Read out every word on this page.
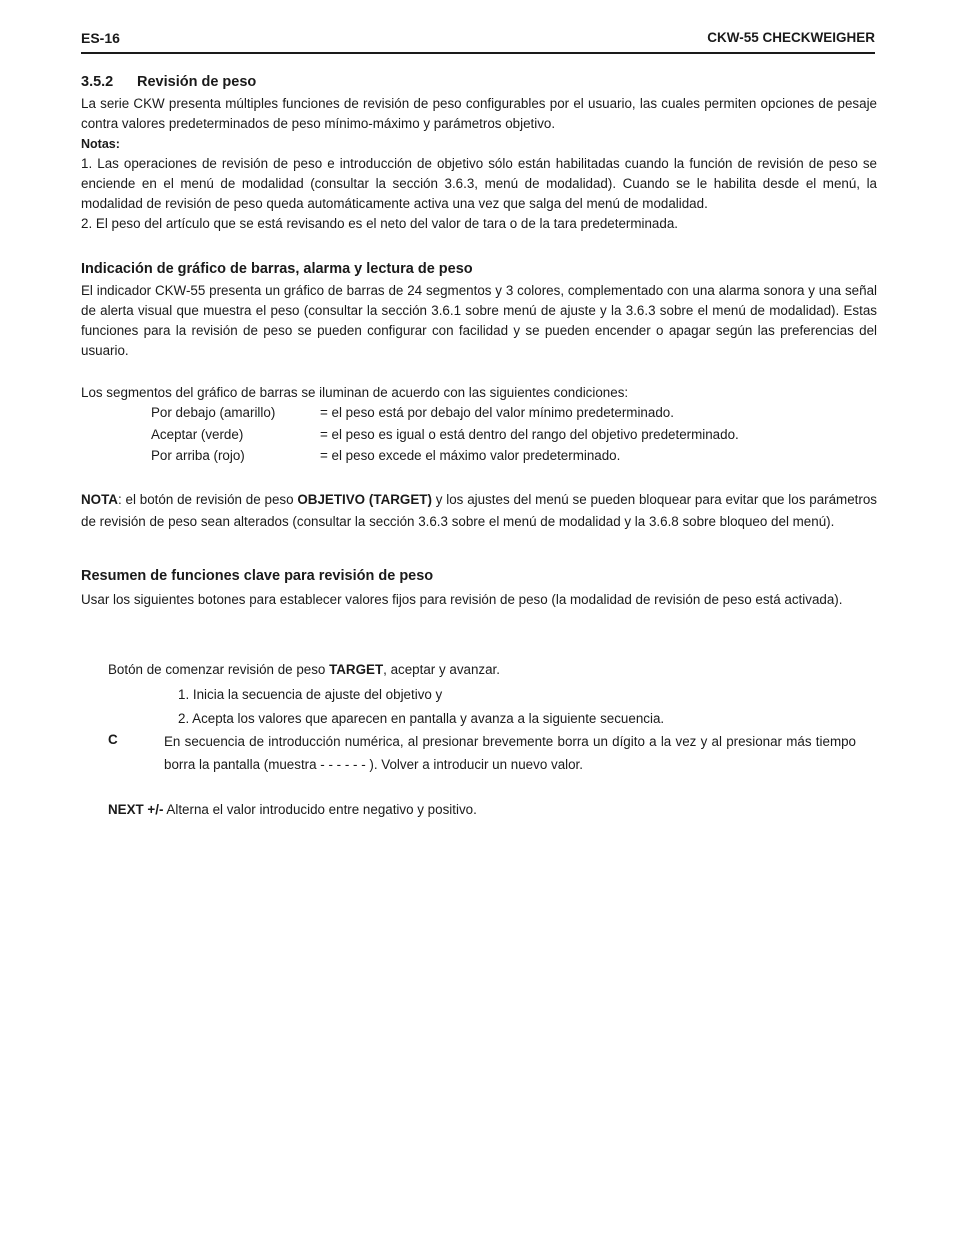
ES-16	CKW-55 CHECKWEIGHER
3.5.2 Revisión de peso

La serie CKW presenta múltiples funciones de revisión de peso configurables por el usuario, las cuales permiten opciones de pesaje contra valores predeterminados de peso mínimo-máximo y parámetros objetivo.

Notas:

1. Las operaciones de revisión de peso e introducción de objetivo sólo están habilitadas cuando la función de revisión de peso se enciende en el menú de modalidad (consultar la sección 3.6.3, menú de modalidad). Cuando se le habilita desde el menú, la modalidad de revisión de peso queda automáticamente activa una vez que salga del menú de modalidad.

2. El peso del artículo que se está revisando es el neto del valor de tara o de la tara predeterminada.

Indicación de gráfico de barras, alarma y lectura de peso

El indicador CKW-55 presenta un gráfico de barras de 24 segmentos y 3 colores, complementado con una alarma sonora y una señal de alerta visual que muestra el peso (consultar la sección 3.6.1 sobre menú de ajuste y la 3.6.3 sobre el menú de modalidad). Estas funciones para la revisión de peso se pueden configurar con facilidad y se pueden encender o apagar según las preferencias del usuario.

Los segmentos del gráfico de barras se iluminan de acuerdo con las siguientes condiciones:

Por debajo (amarillo)	= el peso está por debajo del valor mínimo predeterminado.
Aceptar (verde)	= el peso es igual o está dentro del rango del objetivo predeterminado.
Por arriba (rojo)	= el peso excede el máximo valor predeterminado.

NOTA: el botón de revisión de peso OBJETIVO (TARGET) y los ajustes del menú se pueden bloquear para evitar que los parámetros de revisión de peso sean alterados (consultar la sección 3.6.3 sobre el menú de modalidad y la 3.6.8 sobre bloqueo del menú).

Resumen de funciones clave para revisión de peso

Usar los siguientes botones para establecer valores fijos para revisión de peso (la modalidad de revisión de peso está activada).

Botón de comenzar revisión de peso TARGET, aceptar y avanzar.

1. Inicia la secuencia de ajuste del objetivo y

2. Acepta los valores que aparecen en pantalla y avanza a la siguiente secuencia.

C	En secuencia de introducción numérica, al presionar brevemente borra un dígito a la vez y al presionar más tiempo borra la pantalla (muestra - - - - - - ). Volver a introducir un nuevo valor.

NEXT +/- Alterna el valor introducido entre negativo y positivo.
